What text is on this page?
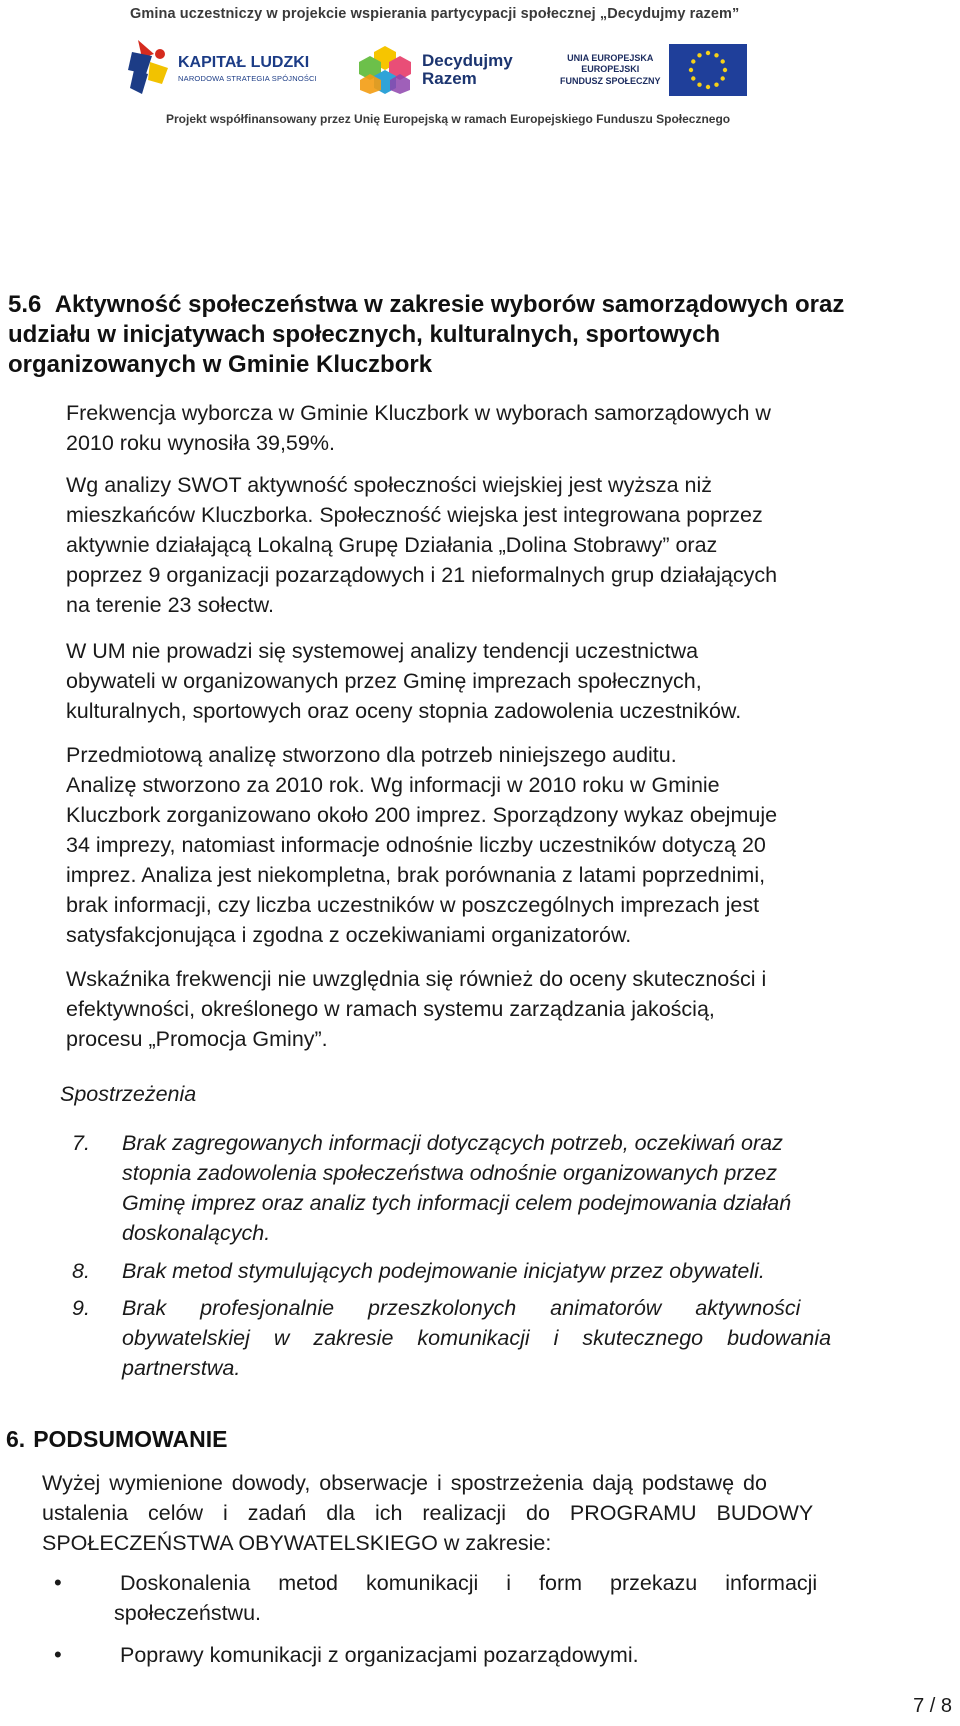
Gmina uczestniczy w projekcie wspierania partycypacji społecznej „Decydujmy razem”
KAPITAŁ LUDZKI
NARODOWA STRATEGIA SPÓJNOŚCI
Decydujmy
Razem
UNIA EUROPEJSKA
EUROPEJSKI
FUNDUSZ SPOŁECZNY
Projekt współfinansowany przez Unię Europejską w ramach Europejskiego Funduszu Społecznego
5.6 Aktywność społeczeństwa w zakresie wyborów samorządowych oraz
udziału w inicjatywach społecznych, kulturalnych, sportowych
organizowanych w Gminie Kluczbork
Frekwencja wyborcza w Gminie Kluczbork w wyborach samorządowych w
2010 roku wynosiła 39,59%.
Wg analizy SWOT aktywność społeczności wiejskiej jest wyższa niż
mieszkańców Kluczborka. Społeczność wiejska jest integrowana poprzez
aktywnie działającą Lokalną Grupę Działania „Dolina Stobrawy” oraz
poprzez 9 organizacji pozarządowych i 21 nieformalnych grup działających
na terenie 23 sołectw.
W UM nie prowadzi się systemowej analizy tendencji uczestnictwa
obywateli w organizowanych przez Gminę imprezach społecznych,
kulturalnych, sportowych oraz oceny stopnia zadowolenia uczestników.
Przedmiotową analizę stworzono dla potrzeb niniejszego auditu.
Analizę stworzono za 2010 rok. Wg informacji w 2010 roku w Gminie
Kluczbork zorganizowano około 200 imprez. Sporządzony wykaz obejmuje
34 imprezy, natomiast informacje odnośnie liczby uczestników dotyczą 20
imprez. Analiza jest niekompletna, brak porównania z latami poprzednimi,
brak informacji, czy liczba uczestników w poszczególnych imprezach jest
satysfakcjonująca i zgodna z oczekiwaniami organizatorów.
Wskaźnika frekwencji nie uwzględnia się również do oceny skuteczności i
efektywności, określonego w ramach systemu zarządzania jakością,
procesu „Promocja Gminy”.
Spostrzeżenia
7. Brak zagregowanych informacji dotyczących potrzeb, oczekiwań oraz
stopnia zadowolenia społeczeństwa odnośnie organizowanych przez
Gminę imprez oraz analiz tych informacji celem podejmowania działań
doskonalących.
8. Brak metod stymulujących podejmowanie inicjatyw przez obywateli.
9. Brak profesjonalnie przeszkolonych animatorów aktywności
obywatelskiej w zakresie komunikacji i skutecznego budowania
partnerstwa.
6. PODSUMOWANIE
Wyżej wymienione dowody, obserwacje i spostrzeżenia dają podstawę do
ustalenia celów i zadań dla ich realizacji do PROGRAMU BUDOWY
SPOŁECZEŃSTWA OBYWATELSKIEGO w zakresie:
•	Doskonalenia metod komunikacji i form przekazu informacji
społeczeństwu.
•	Poprawy komunikacji z organizacjami pozarządowymi.
7 / 8
